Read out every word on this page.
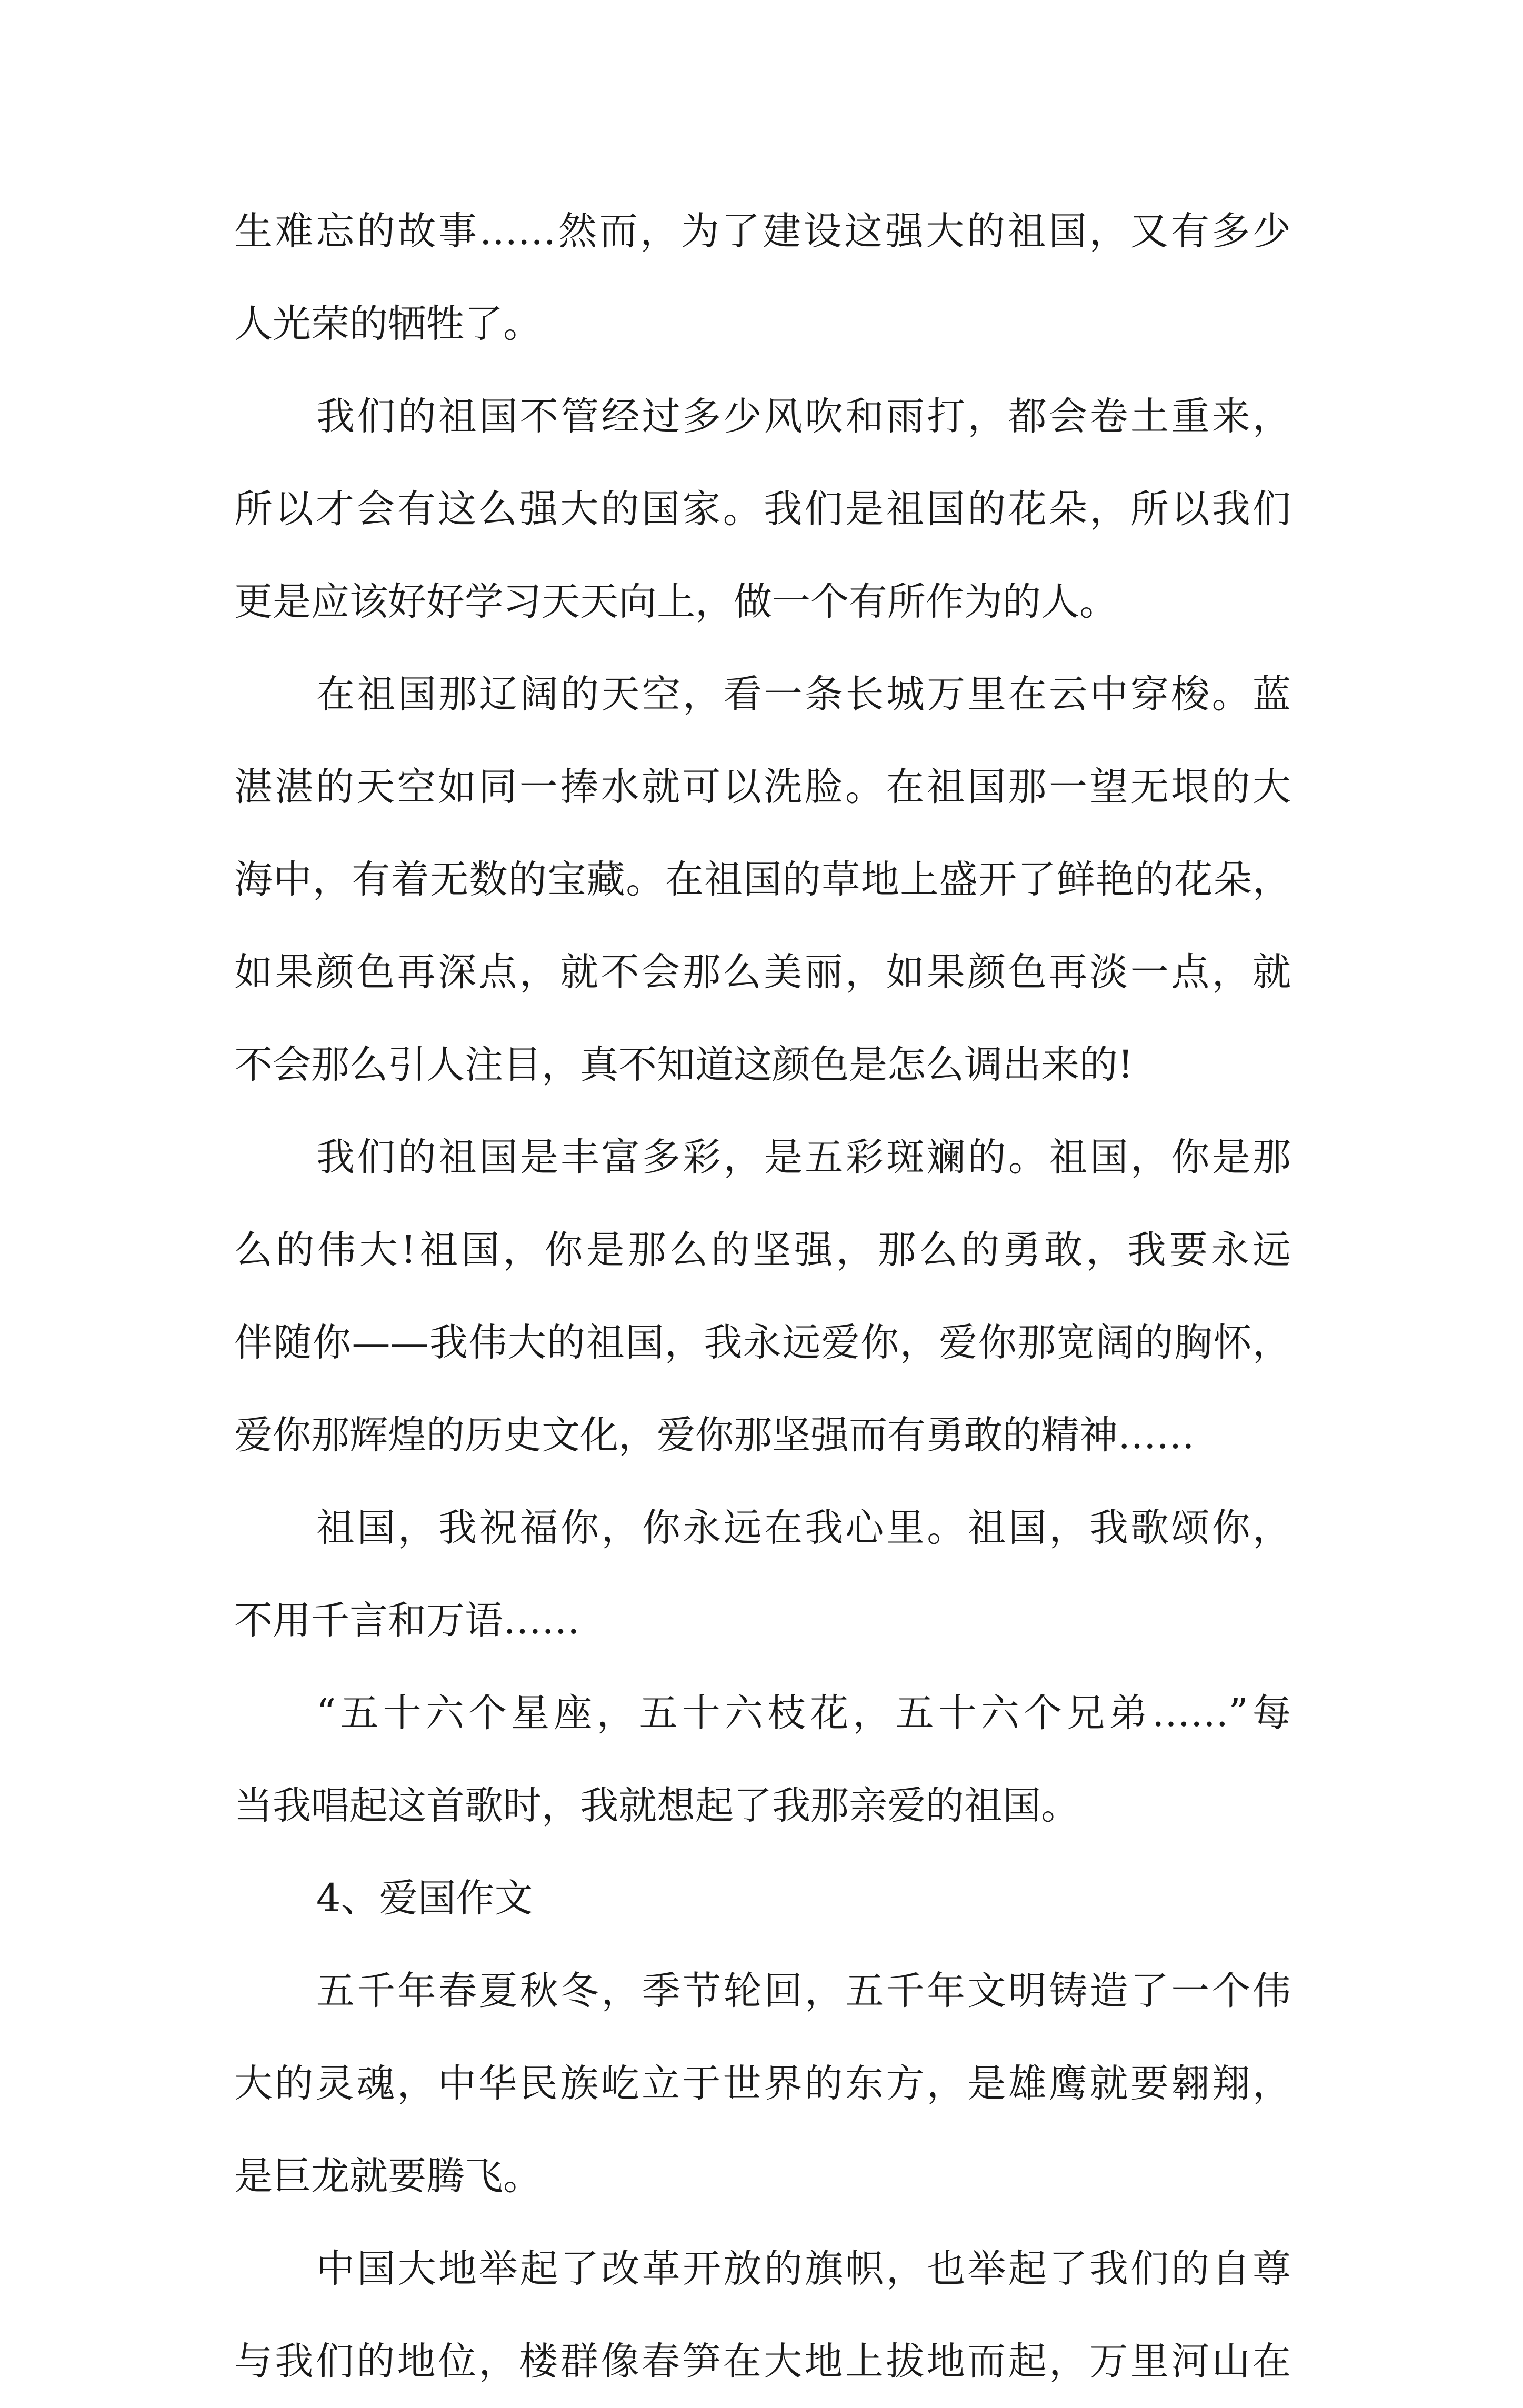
生难忘的故事……然而，为了建设这强大的祖国，又有多少
人光荣的牺牲了。
我们的祖国不管经过多少风吹和雨打，都会卷土重来，
所以才会有这么强大的国家。我们是祖国的花朵，所以我们
更是应该好好学习天天向上，做一个有所作为的人。
在祖国那辽阔的天空，看一条长城万里在云中穿梭。蓝
湛湛的天空如同一捧水就可以洗脸。在祖国那一望无垠的大
海中，有着无数的宝藏。在祖国的草地上盛开了鲜艳的花朵，
如果颜色再深点，就不会那么美丽，如果颜色再淡一点，就
不会那么引人注目，真不知道这颜色是怎么调出来的!
我们的祖国是丰富多彩，是五彩斑斓的。祖国，你是那
么的伟大!祖国，你是那么的坚强，那么的勇敢，我要永远
伴随你——我伟大的祖国，我永远爱你，爱你那宽阔的胸怀，
爱你那辉煌的历史文化，爱你那坚强而有勇敢的精神……
祖国，我祝福你，你永远在我心里。祖国，我歌颂你，
不用千言和万语……
“五十六个星座，五十六枝花，五十六个兄弟……”每
当我唱起这首歌时，我就想起了我那亲爱的祖国。
4、爱国作文
五千年春夏秋冬，季节轮回，五千年文明铸造了一个伟
大的灵魂，中华民族屹立于世界的东方，是雄鹰就要翱翔，
是巨龙就要腾飞。
中国大地举起了改革开放的旗帜，也举起了我们的自尊
与我们的地位，楼群像春笋在大地上拔地而起，万里河山在
